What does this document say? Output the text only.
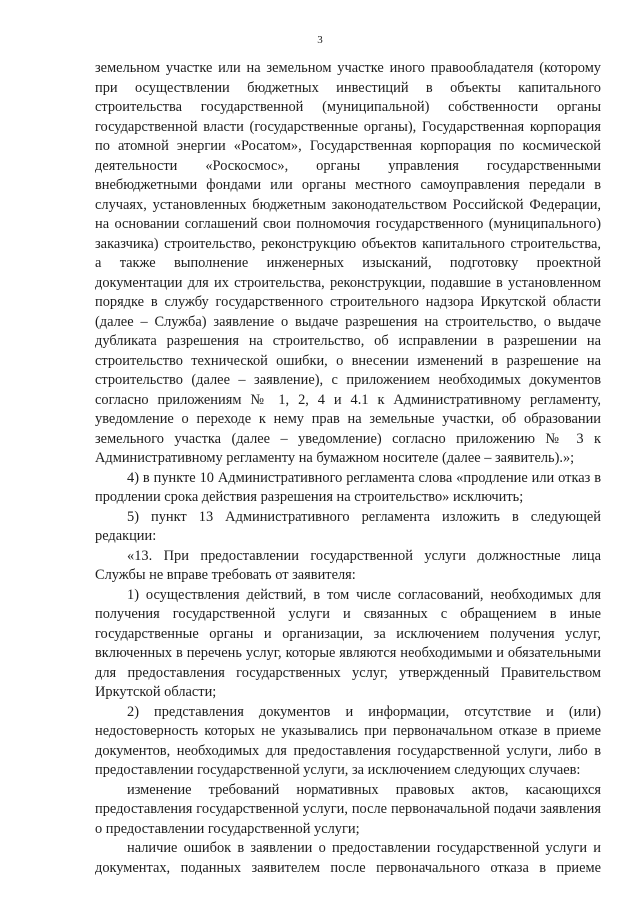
3

земельном участке или на земельном участке иного правообладателя (которому при осуществлении бюджетных инвестиций в объекты капитального строительства государственной (муниципальной) собственности органы государственной власти (государственные органы), Государственная корпорация по атомной энергии «Росатом», Государственная корпорация по космической деятельности «Роскосмос», органы управления государственными внебюджетными фондами или органы местного самоуправления передали в случаях, установленных бюджетным законодательством Российской Федерации, на основании соглашений свои полномочия государственного (муниципального) заказчика) строительство, реконструкцию объектов капитального строительства, а также выполнение инженерных изысканий, подготовку проектной документации для их строительства, реконструкции, подавшие в установленном порядке в службу государственного строительного надзора Иркутской области (далее – Служба) заявление о выдаче разрешения на строительство, о выдаче дубликата разрешения на строительство, об исправлении в разрешении на строительство технической ошибки, о внесении изменений в разрешение на строительство (далее – заявление), с приложением необходимых документов согласно приложениям № 1, 2, 4 и 4.1 к Административному регламенту, уведомление о переходе к нему прав на земельные участки, об образовании земельного участка (далее – уведомление) согласно приложению № 3 к Административному регламенту на бумажном носителе (далее – заявитель).»;

4) в пункте 10 Административного регламента слова «продление или отказ в продлении срока действия разрешения на строительство» исключить;

5) пункт 13 Административного регламента изложить в следующей редакции:

«13. При предоставлении государственной услуги должностные лица Службы не вправе требовать от заявителя:

1) осуществления действий, в том числе согласований, необходимых для получения государственной услуги и связанных с обращением в иные государственные органы и организации, за исключением получения услуг, включенных в перечень услуг, которые являются необходимыми и обязательными для предоставления государственных услуг, утвержденный Правительством Иркутской области;

2) представления документов и информации, отсутствие и (или) недостоверность которых не указывались при первоначальном отказе в приеме документов, необходимых для предоставления государственной услуги, либо в предоставлении государственной услуги, за исключением следующих случаев:

изменение требований нормативных правовых актов, касающихся предоставления государственной услуги, после первоначальной подачи заявления о предоставлении государственной услуги;

наличие ошибок в заявлении о предоставлении государственной услуги и документах, поданных заявителем после первоначального отказа в приеме
